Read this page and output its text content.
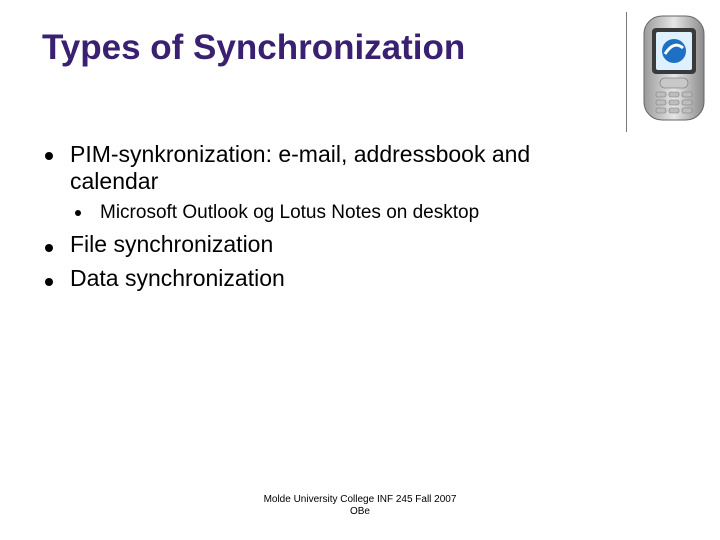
Types of Synchronization
PIM-synkronization: e-mail, addressbook and calendar
Microsoft Outlook og Lotus Notes on desktop
File synchronization
Data synchronization
Molde University College INF 245 Fall 2007
OBe
